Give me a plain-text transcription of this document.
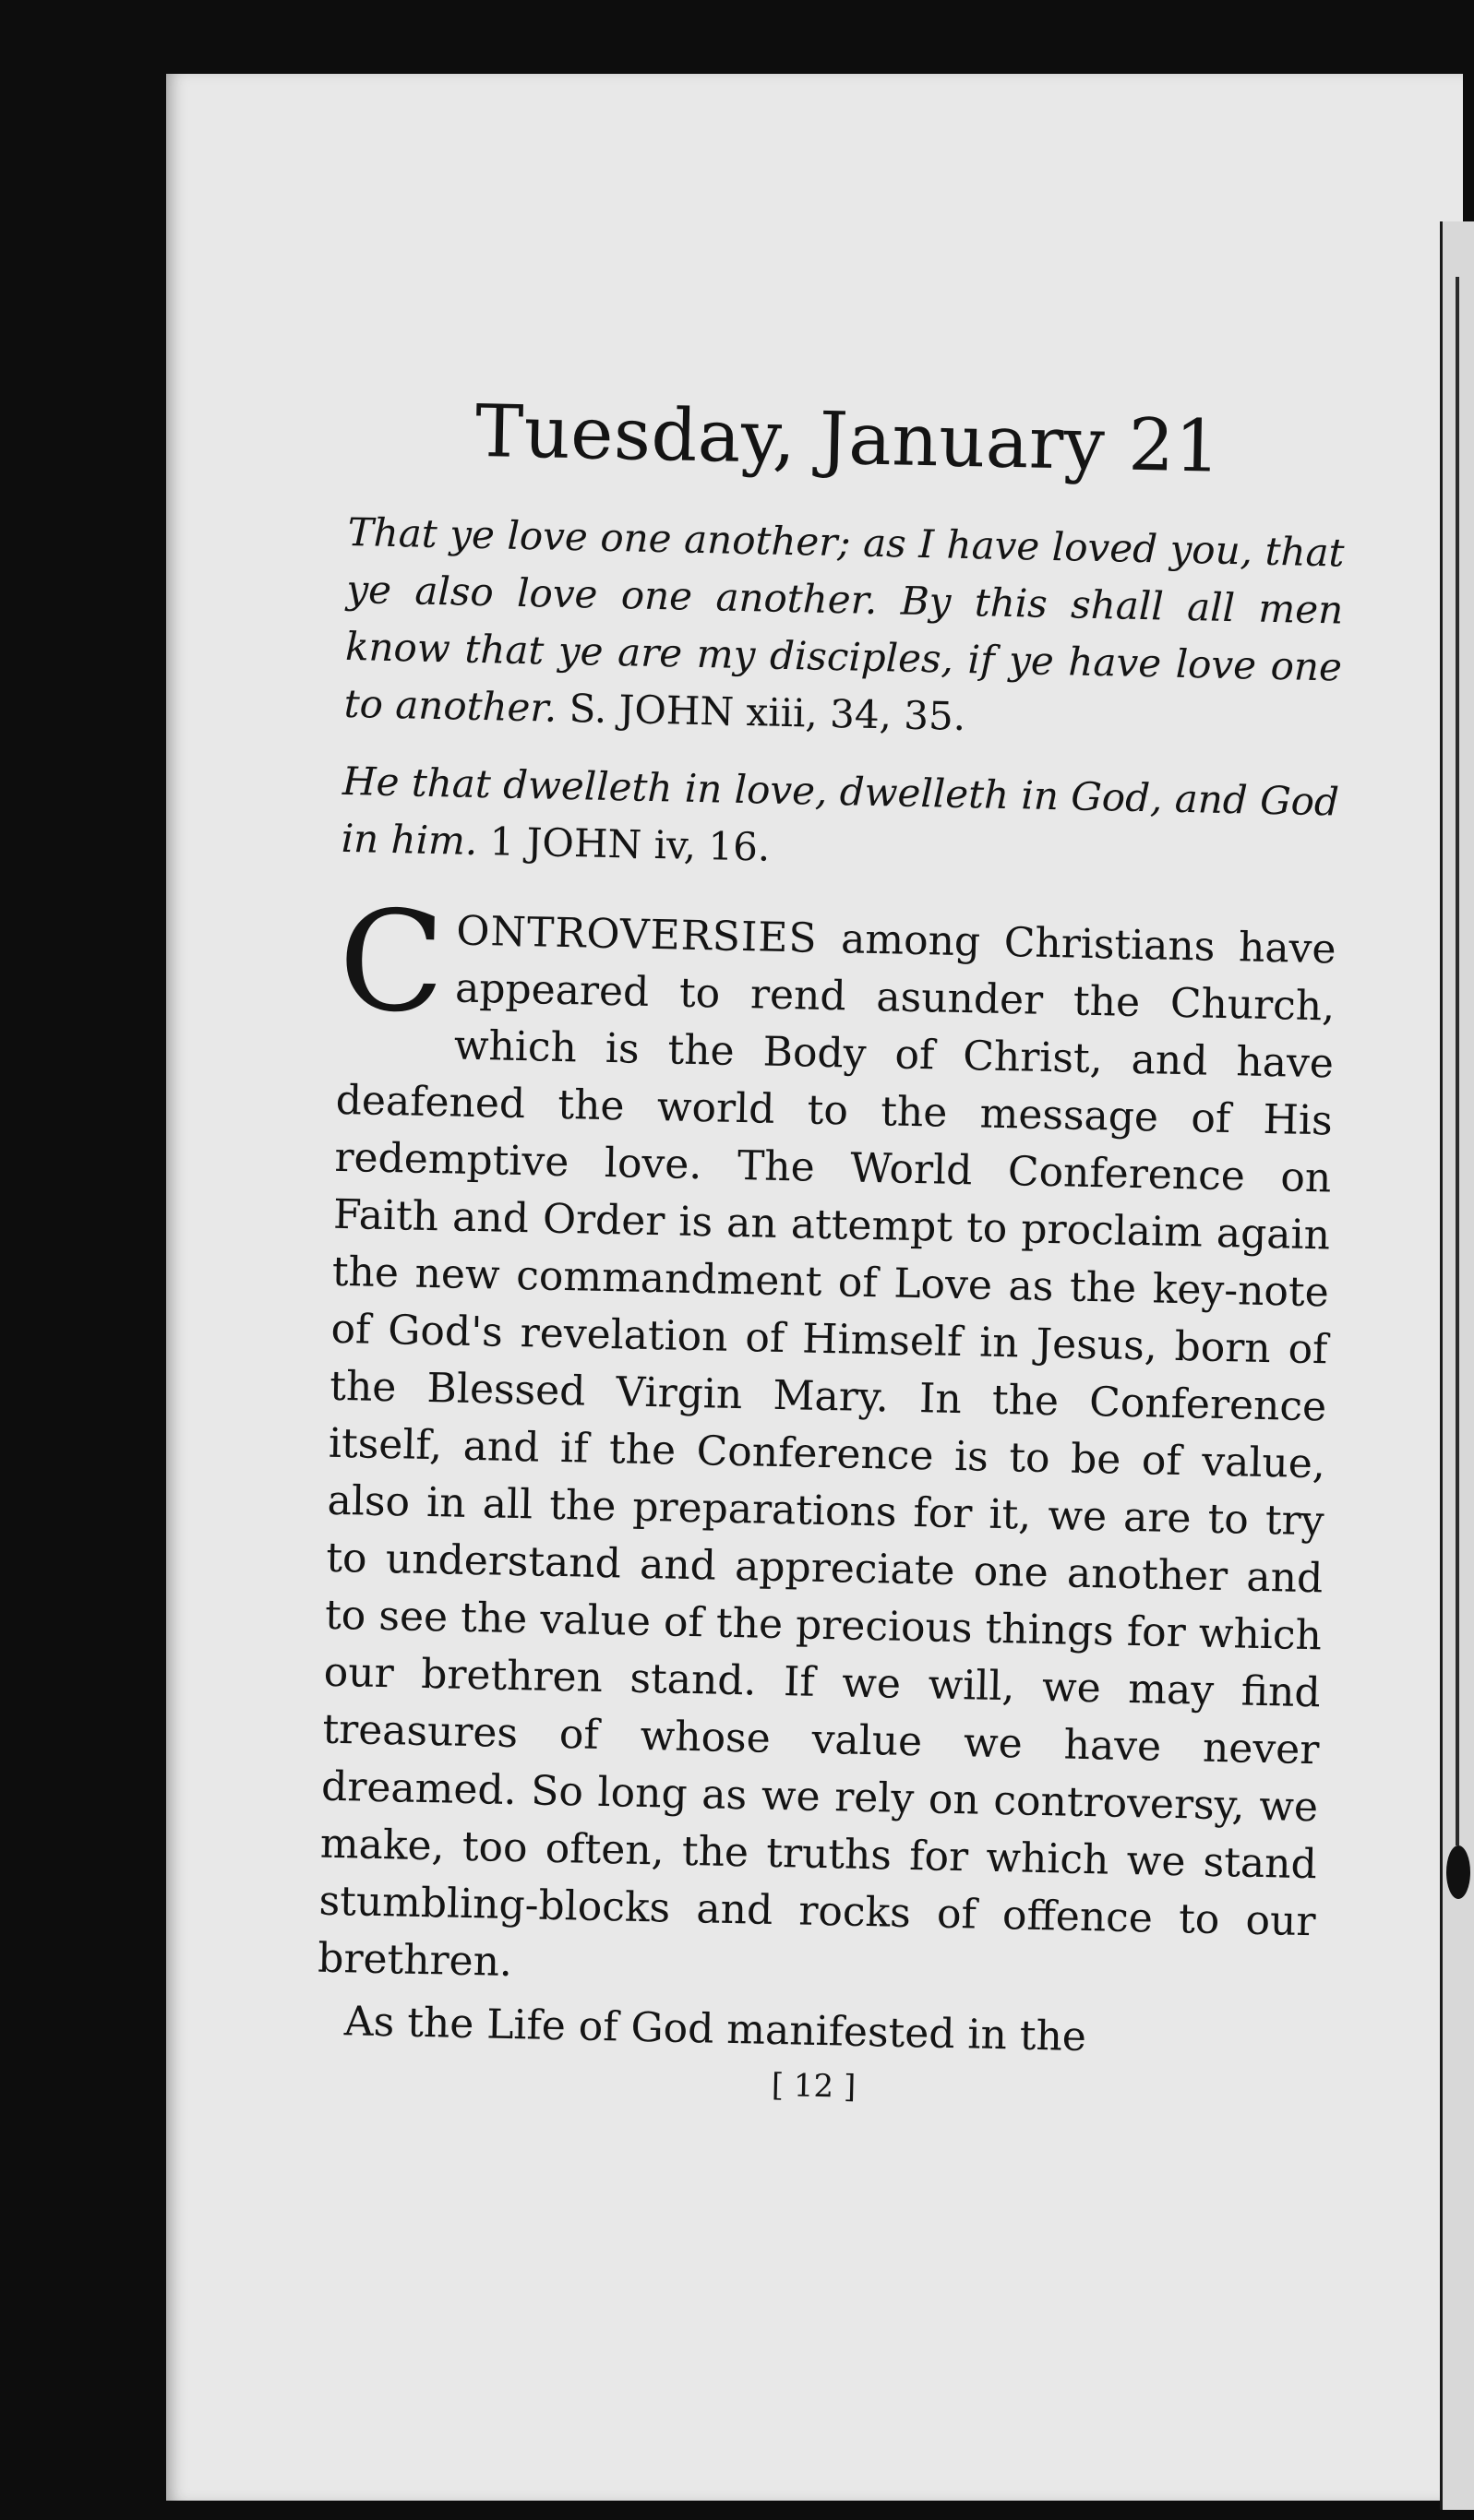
Tuesday, January 21

That ye love one another; as I have loved you, that ye also love one another. By this shall all men know that ye are my disciples, if ye have love one to another. S. JOHN xiii, 34, 35.

He that dwelleth in love, dwelleth in God, and God in him. 1 JOHN iv, 16.

CONTROVERSIES among Christians have appeared to rend asunder the Church, which is the Body of Christ, and have deafened the world to the message of His redemptive love. The World Conference on Faith and Order is an attempt to proclaim again the new commandment of Love as the key-note of God's revelation of Himself in Jesus, born of the Blessed Virgin Mary. In the Conference itself, and if the Conference is to be of value, also in all the preparations for it, we are to try to understand and appreciate one another and to see the value of the precious things for which our brethren stand. If we will, we may find treasures of whose value we have never dreamed. So long as we rely on controversy, we make, too often, the truths for which we stand stumbling-blocks and rocks of offence to our brethren.

As the Life of God manifested in the

[ 12 ]
